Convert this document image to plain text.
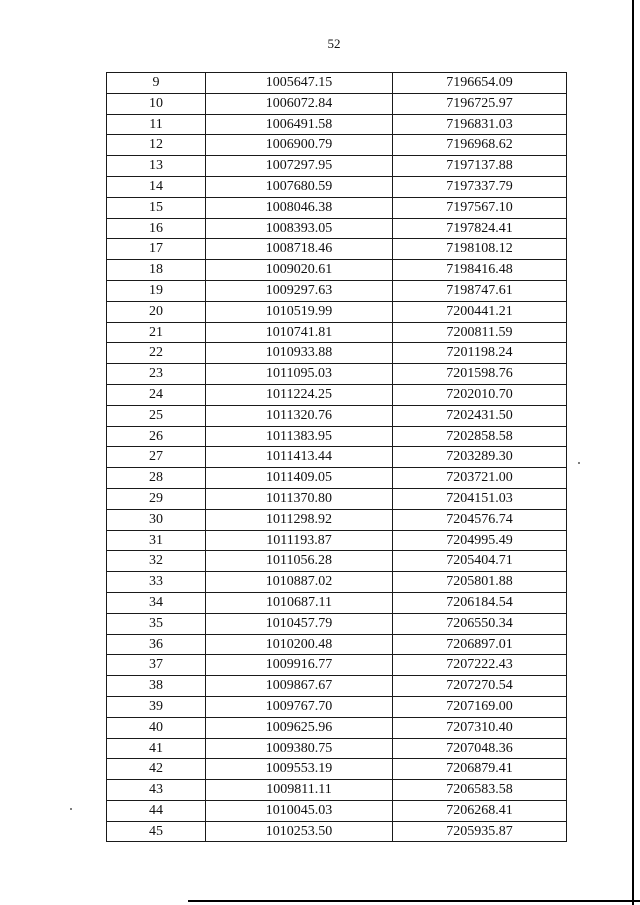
52
9	1005647.15	7196654.09
10	1006072.84	7196725.97
11	1006491.58	7196831.03
12	1006900.79	7196968.62
13	1007297.95	7197137.88
14	1007680.59	7197337.79
15	1008046.38	7197567.10
16	1008393.05	7197824.41
17	1008718.46	7198108.12
18	1009020.61	7198416.48
19	1009297.63	7198747.61
20	1010519.99	7200441.21
21	1010741.81	7200811.59
22	1010933.88	7201198.24
23	1011095.03	7201598.76
24	1011224.25	7202010.70
25	1011320.76	7202431.50
26	1011383.95	7202858.58
27	1011413.44	7203289.30
28	1011409.05	7203721.00
29	1011370.80	7204151.03
30	1011298.92	7204576.74
31	1011193.87	7204995.49
32	1011056.28	7205404.71
33	1010887.02	7205801.88
34	1010687.11	7206184.54
35	1010457.79	7206550.34
36	1010200.48	7206897.01
37	1009916.77	7207222.43
38	1009867.67	7207270.54
39	1009767.70	7207169.00
40	1009625.96	7207310.40
41	1009380.75	7207048.36
42	1009553.19	7206879.41
43	1009811.11	7206583.58
44	1010045.03	7206268.41
45	1010253.50	7205935.87
